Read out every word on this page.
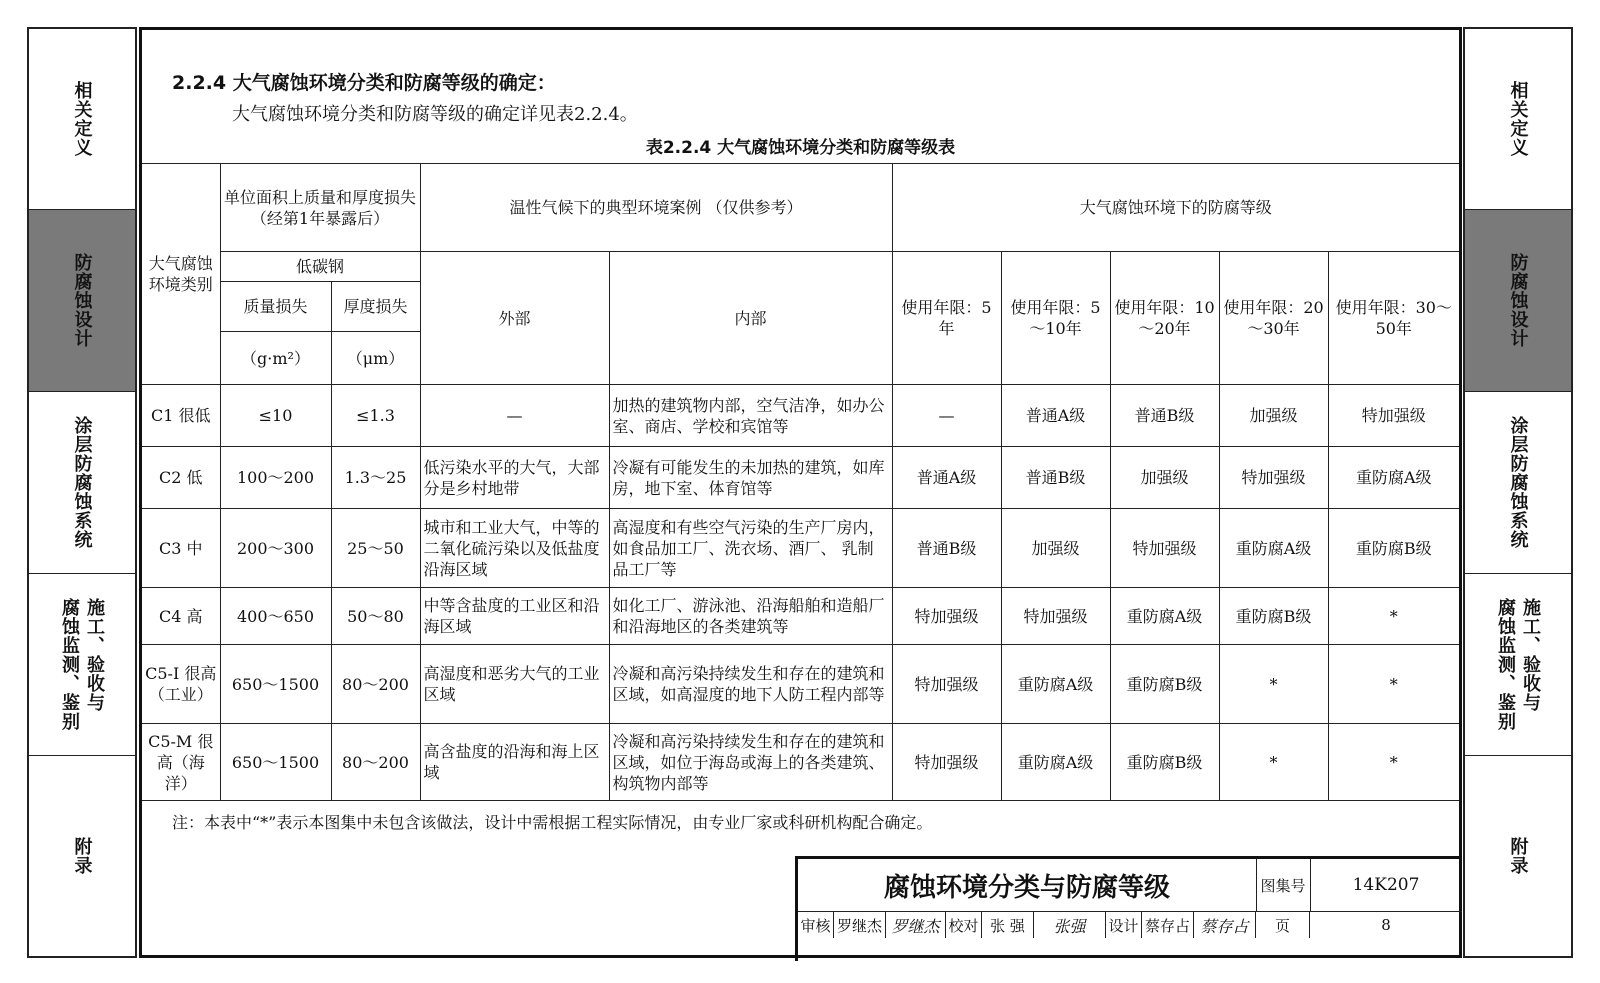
相关定义
防腐蚀设计
涂层防腐蚀系统
施工、验收与
腐蚀监测、鉴别
附录
相关定义
防腐蚀设计
涂层防腐蚀系统
施工、验收与
腐蚀监测、鉴别
附录
2.2.4 大气腐蚀环境分类和防腐等级的确定：
大气腐蚀环境分类和防腐等级的确定详见表2.2.4。
表2.2.4 大气腐蚀环境分类和防腐等级表
大气腐蚀环境类别	单位面积上质量和厚度损失（经第1年暴露后）		温性气候下的典型环境案例 （仅供参考）		大气腐蚀环境下的防腐等级				
	低碳钢		外部	内部	使用年限：5年	使用年限：5～10年	使用年限：10～20年	使用年限：20～30年	使用年限：30～50年
	质量损失	厚度损失							
	（g·m²）	（μm）							
C1 很低	≤10	≤1.3	—	加热的建筑物内部，空气洁净，如办公室、商店、学校和宾馆等	—	普通A级	普通B级	加强级	特加强级
C2 低	100～200	1.3～25	低污染水平的大气，大部分是乡村地带	冷凝有可能发生的未加热的建筑，如库房，地下室、体育馆等	普通A级	普通B级	加强级	特加强级	重防腐A级
C3 中	200～300	25～50	城市和工业大气，中等的二氧化硫污染以及低盐度沿海区域	高湿度和有些空气污染的生产厂房内，如食品加工厂、洗衣场、酒厂、 乳制品工厂等	普通B级	加强级	特加强级	重防腐A级	重防腐B级
C4 高	400～650	50～80	中等含盐度的工业区和沿海区域	如化工厂、游泳池、沿海船舶和造船厂和沿海地区的各类建筑等	特加强级	特加强级	重防腐A级	重防腐B级	*
C5-I 很高（工业）	650～1500	80～200	高湿度和恶劣大气的工业区域	冷凝和高污染持续发生和存在的建筑和区域，如高湿度的地下人防工程内部等	特加强级	重防腐A级	重防腐B级	*	*
C5-M 很高（海洋）	650～1500	80～200	高含盐度的沿海和海上区域	冷凝和高污染持续发生和存在的建筑和区域，如位于海岛或海上的各类建筑、构筑物内部等	特加强级	重防腐A级	重防腐B级	*	*
注：本表中“*”表示本图集中未包含该做法，设计中需根据工程实际情况，由专业厂家或科研机构配合确定。
腐蚀环境分类与防腐等级	图集号	14K207
审核 罗继杰 罗继杰 校对 张 强	张强	设计 蔡存占 蔡存占	页	8
